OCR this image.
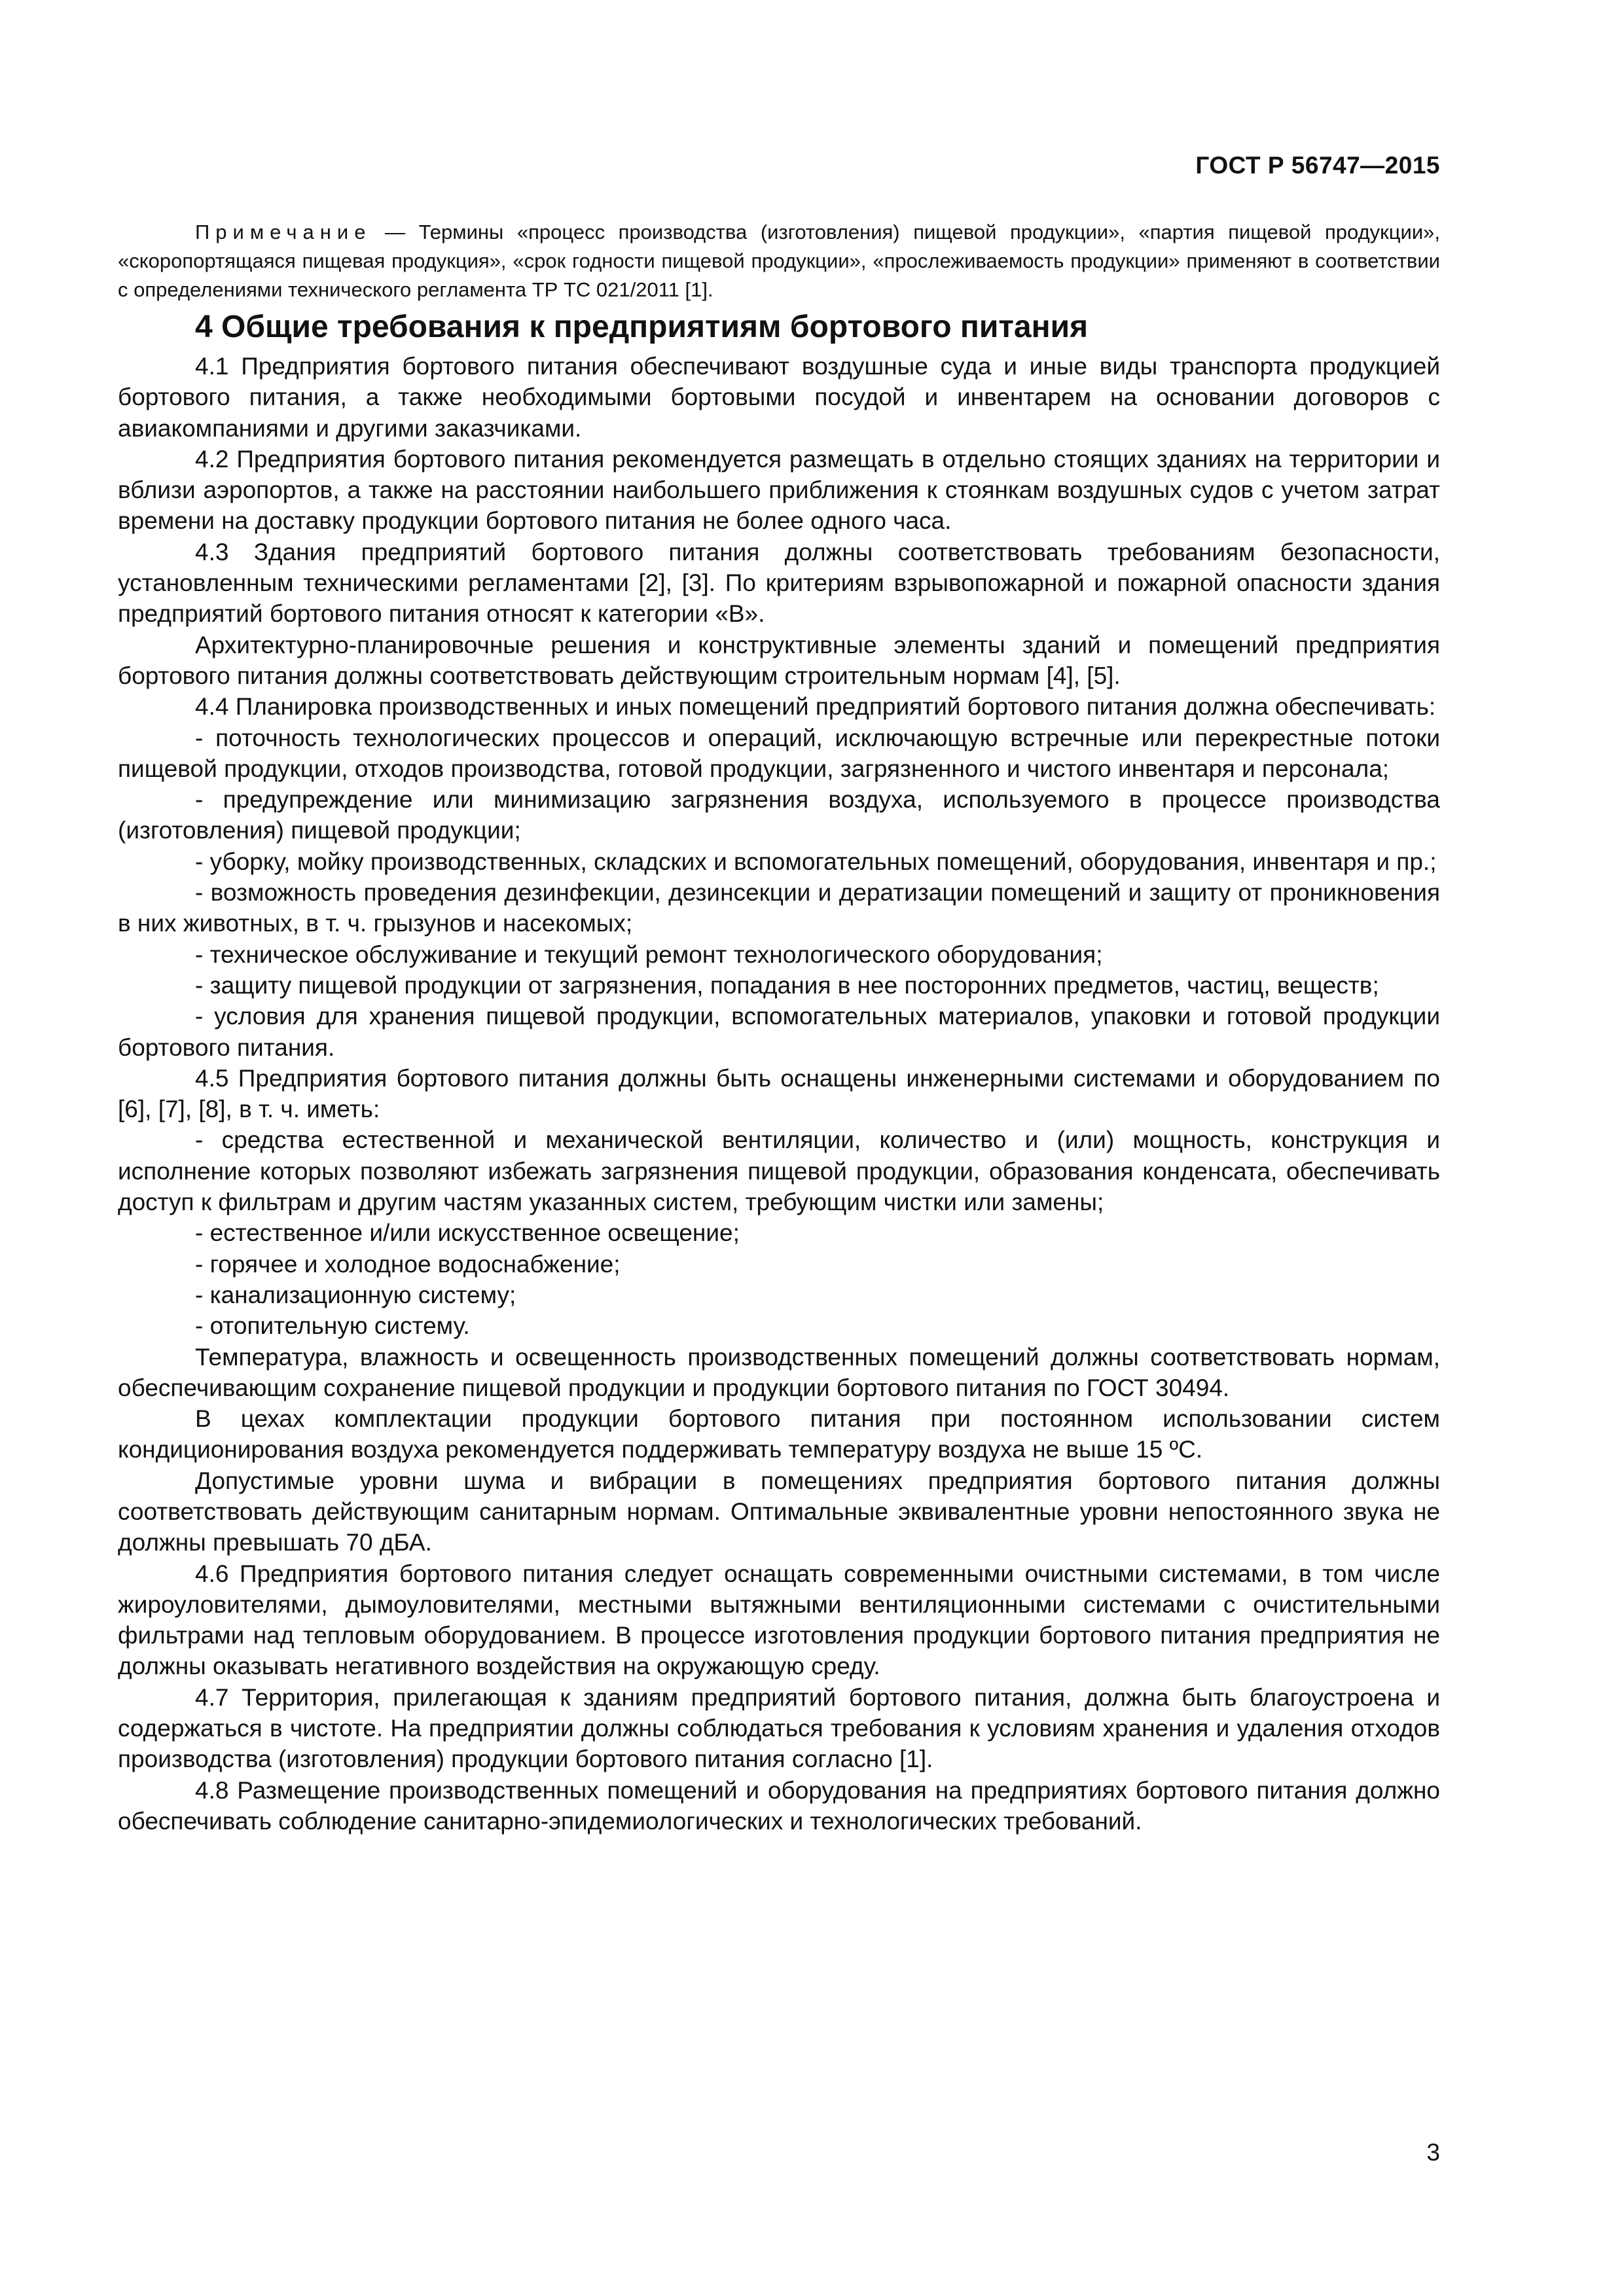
ГОСТ Р 56747—2015

Примечание — Термины «процесс производства (изготовления) пищевой продукции», «партия пищевой продукции», «скоропортящаяся пищевая продукция», «срок годности пищевой продукции», «прослеживаемость продукции» применяют в соответствии с определениями технического регламента ТР ТС 021/2011 [1].

4 Общие требования к предприятиям бортового питания

4.1 Предприятия бортового питания обеспечивают воздушные суда и иные виды транспорта продукцией бортового питания, а также необходимыми бортовыми посудой и инвентарем на основании договоров с авиакомпаниями и другими заказчиками.

4.2 Предприятия бортового питания рекомендуется размещать в отдельно стоящих зданиях на территории и вблизи аэропортов, а также на расстоянии наибольшего приближения к стоянкам воздушных судов с учетом затрат времени на доставку продукции бортового питания не более одного часа.

4.3 Здания предприятий бортового питания должны соответствовать требованиям безопасности, установленным техническими регламентами [2], [3]. По критериям взрывопожарной и пожарной опасности здания предприятий бортового питания относят к категории «В».

Архитектурно-планировочные решения и конструктивные элементы зданий и помещений предприятия бортового питания должны соответствовать действующим строительным нормам [4], [5].

4.4 Планировка производственных и иных помещений предприятий бортового питания должна обеспечивать:

- поточность технологических процессов и операций, исключающую встречные или перекрестные потоки пищевой продукции, отходов производства, готовой продукции, загрязненного и чистого инвентаря и персонала;

- предупреждение или минимизацию загрязнения воздуха, используемого в процессе производства (изготовления) пищевой продукции;

- уборку, мойку производственных, складских и вспомогательных помещений, оборудования, инвентаря и пр.;

- возможность проведения дезинфекции, дезинсекции и дератизации помещений и защиту от проникновения в них животных, в т. ч. грызунов и насекомых;

- техническое обслуживание и текущий ремонт технологического оборудования;

- защиту пищевой продукции от загрязнения, попадания в нее посторонних предметов, частиц, веществ;

- условия для хранения пищевой продукции, вспомогательных материалов, упаковки и готовой продукции бортового питания.

4.5 Предприятия бортового питания должны быть оснащены инженерными системами и оборудованием по [6], [7], [8], в т. ч. иметь:

- средства естественной и механической вентиляции, количество и (или) мощность, конструкция и исполнение которых позволяют избежать загрязнения пищевой продукции, образования конденсата, обеспечивать доступ к фильтрам и другим частям указанных систем, требующим чистки или замены;

- естественное и/или искусственное освещение;

- горячее и холодное водоснабжение;

- канализационную систему;

- отопительную систему.

Температура, влажность и освещенность производственных помещений должны соответствовать нормам, обеспечивающим сохранение пищевой продукции и продукции бортового питания по ГОСТ 30494.

В цехах комплектации продукции бортового питания при постоянном использовании систем кондиционирования воздуха рекомендуется поддерживать температуру воздуха не выше 15 ºС.

Допустимые уровни шума и вибрации в помещениях предприятия бортового питания должны соответствовать действующим санитарным нормам. Оптимальные эквивалентные уровни непостоянного звука не должны превышать 70 дБА.

4.6 Предприятия бортового питания следует оснащать современными очистными системами, в том числе жироуловителями, дымоуловителями, местными вытяжными вентиляционными системами с очистительными фильтрами над тепловым оборудованием. В процессе изготовления продукции бортового питания предприятия не должны оказывать негативного воздействия на окружающую среду.

4.7 Территория, прилегающая к зданиям предприятий бортового питания, должна быть благоустроена и содержаться в чистоте. На предприятии должны соблюдаться требования к условиям хранения и удаления отходов производства (изготовления) продукции бортового питания согласно [1].

4.8 Размещение производственных помещений и оборудования на предприятиях бортового питания должно обеспечивать соблюдение санитарно-эпидемиологических и технологических требований.

3
